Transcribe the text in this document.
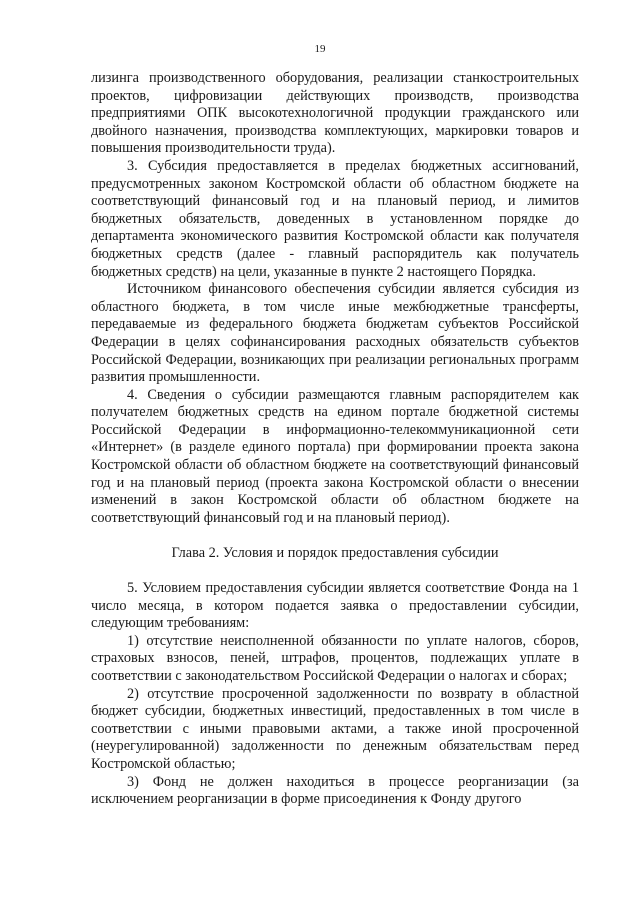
19

лизинга производственного оборудования, реализации станкостроительных проектов, цифровизации действующих производств, производства предприятиями ОПК высокотехнологичной продукции гражданского или двойного назначения, производства комплектующих, маркировки товаров и повышения производительности труда).

3. Субсидия предоставляется в пределах бюджетных ассигнований, предусмотренных законом Костромской области об областном бюджете на соответствующий финансовый год и на плановый период, и лимитов бюджетных обязательств, доведенных в установленном порядке до департамента экономического развития Костромской области как получателя бюджетных средств (далее - главный распорядитель как получатель бюджетных средств) на цели, указанные в пункте 2 настоящего Порядка.

Источником финансового обеспечения субсидии является субсидия из областного бюджета, в том числе иные межбюджетные трансферты, передаваемые из федерального бюджета бюджетам субъектов Российской Федерации в целях софинансирования расходных обязательств субъектов Российской Федерации, возникающих при реализации региональных программ развития промышленности.

4. Сведения о субсидии размещаются главным распорядителем как получателем бюджетных средств на едином портале бюджетной системы Российской Федерации в информационно-телекоммуникационной сети «Интернет» (в разделе единого портала) при формировании проекта закона Костромской области об областном бюджете на соответствующий финансовый год и на плановый период (проекта закона Костромской области о внесении изменений в закон Костромской области об областном бюджете на соответствующий финансовый год и на плановый период).

Глава 2. Условия и порядок предоставления субсидии

5. Условием предоставления субсидии является соответствие Фонда на 1 число месяца, в котором подается заявка о предоставлении субсидии, следующим требованиям:

1) отсутствие неисполненной обязанности по уплате налогов, сборов, страховых взносов, пеней, штрафов, процентов, подлежащих уплате в соответствии с законодательством Российской Федерации о налогах и сборах;

2) отсутствие просроченной задолженности по возврату в областной бюджет субсидии, бюджетных инвестиций, предоставленных в том числе в соответствии с иными правовыми актами, а также иной просроченной (неурегулированной) задолженности по денежным обязательствам перед Костромской областью;

3) Фонд не должен находиться в процессе реорганизации (за исключением реорганизации в форме присоединения к Фонду другого
